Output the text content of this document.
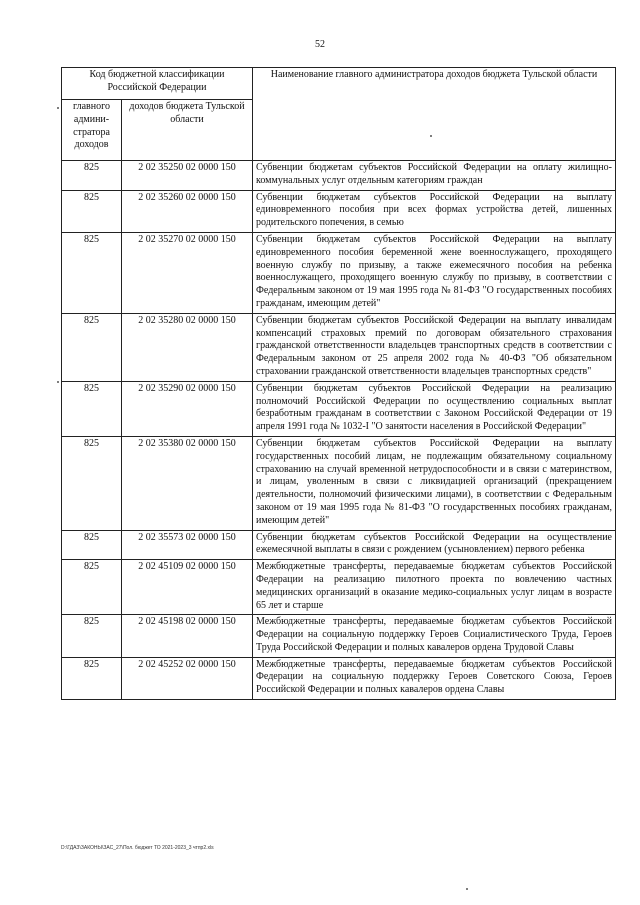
52
Код бюджетной классификации Российской Федерации		Наименование главного администратора доходов бюджета Тульской области
главного админи-стратора доходов	доходов бюджета Тульской области	
825	2 02 35250 02 0000 150	Субвенции бюджетам субъектов Российской Федерации на оплату жилищно-коммунальных услуг отдельным категориям граждан
825	2 02 35260 02 0000 150	Субвенции бюджетам субъектов Российской Федерации на выплату единовременного пособия при всех формах устройства детей, лишенных родительского попечения, в семью
825	2 02 35270 02 0000 150	Субвенции бюджетам субъектов Российской Федерации на выплату единовременного пособия беременной жене военнослужащего, проходящего военную службу по призыву, а также ежемесячного пособия на ребенка военнослужащего, проходящего военную службу по призыву, в соответствии с Федеральным законом от 19 мая 1995 года № 81-ФЗ "О государственных пособиях гражданам, имеющим детей"
825	2 02 35280 02 0000 150	Субвенции бюджетам субъектов Российской Федерации на выплату инвалидам компенсаций страховых премий по договорам обязательного страхования гражданской ответственности владельцев транспортных средств в соответствии с Федеральным законом от 25 апреля 2002 года № 40-ФЗ "Об обязательном страховании гражданской ответственности владельцев транспортных средств"
825	2 02 35290 02 0000 150	Субвенции бюджетам субъектов Российской Федерации на реализацию полномочий Российской Федерации по осуществлению социальных выплат безработным гражданам в соответствии с Законом Российской Федерации от 19 апреля 1991 года № 1032-I "О занятости населения в Российской Федерации"
825	2 02 35380 02 0000 150	Субвенции бюджетам субъектов Российской Федерации на выплату государственных пособий лицам, не подлежащим обязательному социальному страхованию на случай временной нетрудоспособности и в связи с материнством, и лицам, уволенным в связи с ликвидацией организаций (прекращением деятельности, полномочий физическими лицами), в соответствии с Федеральным законом от 19 мая 1995 года № 81-ФЗ "О государственных пособиях гражданам, имеющим детей"
825	2 02 35573 02 0000 150	Субвенции бюджетам субъектов Российской Федерации на осуществление ежемесячной выплаты в связи с рождением (усыновлением) первого ребенка
825	2 02 45109 02 0000 150	Межбюджетные трансферты, передаваемые бюджетам субъектов Российской Федерации на реализацию пилотного проекта по вовлечению частных медицинских организаций в оказание медико-социальных услуг лицам в возрасте 65 лет и старше
825	2 02 45198 02 0000 150	Межбюджетные трансферты, передаваемые бюджетам субъектов Российской Федерации на социальную поддержку Героев Социалистического Труда, Героев Труда Российской Федерации и полных кавалеров ордена Трудовой Славы
825	2 02 45252 02 0000 150	Межбюджетные трансферты, передаваемые бюджетам субъектов Российской Федерации на социальную поддержку Героев Советского Союза, Героев Российской Федерации и полных кавалеров ордена Славы
D:\ГДАЗ\ЗАКОНЫ\ЗАС_27\Пол. бюджет ТО 2021-2023_3 чтпр2.xls
